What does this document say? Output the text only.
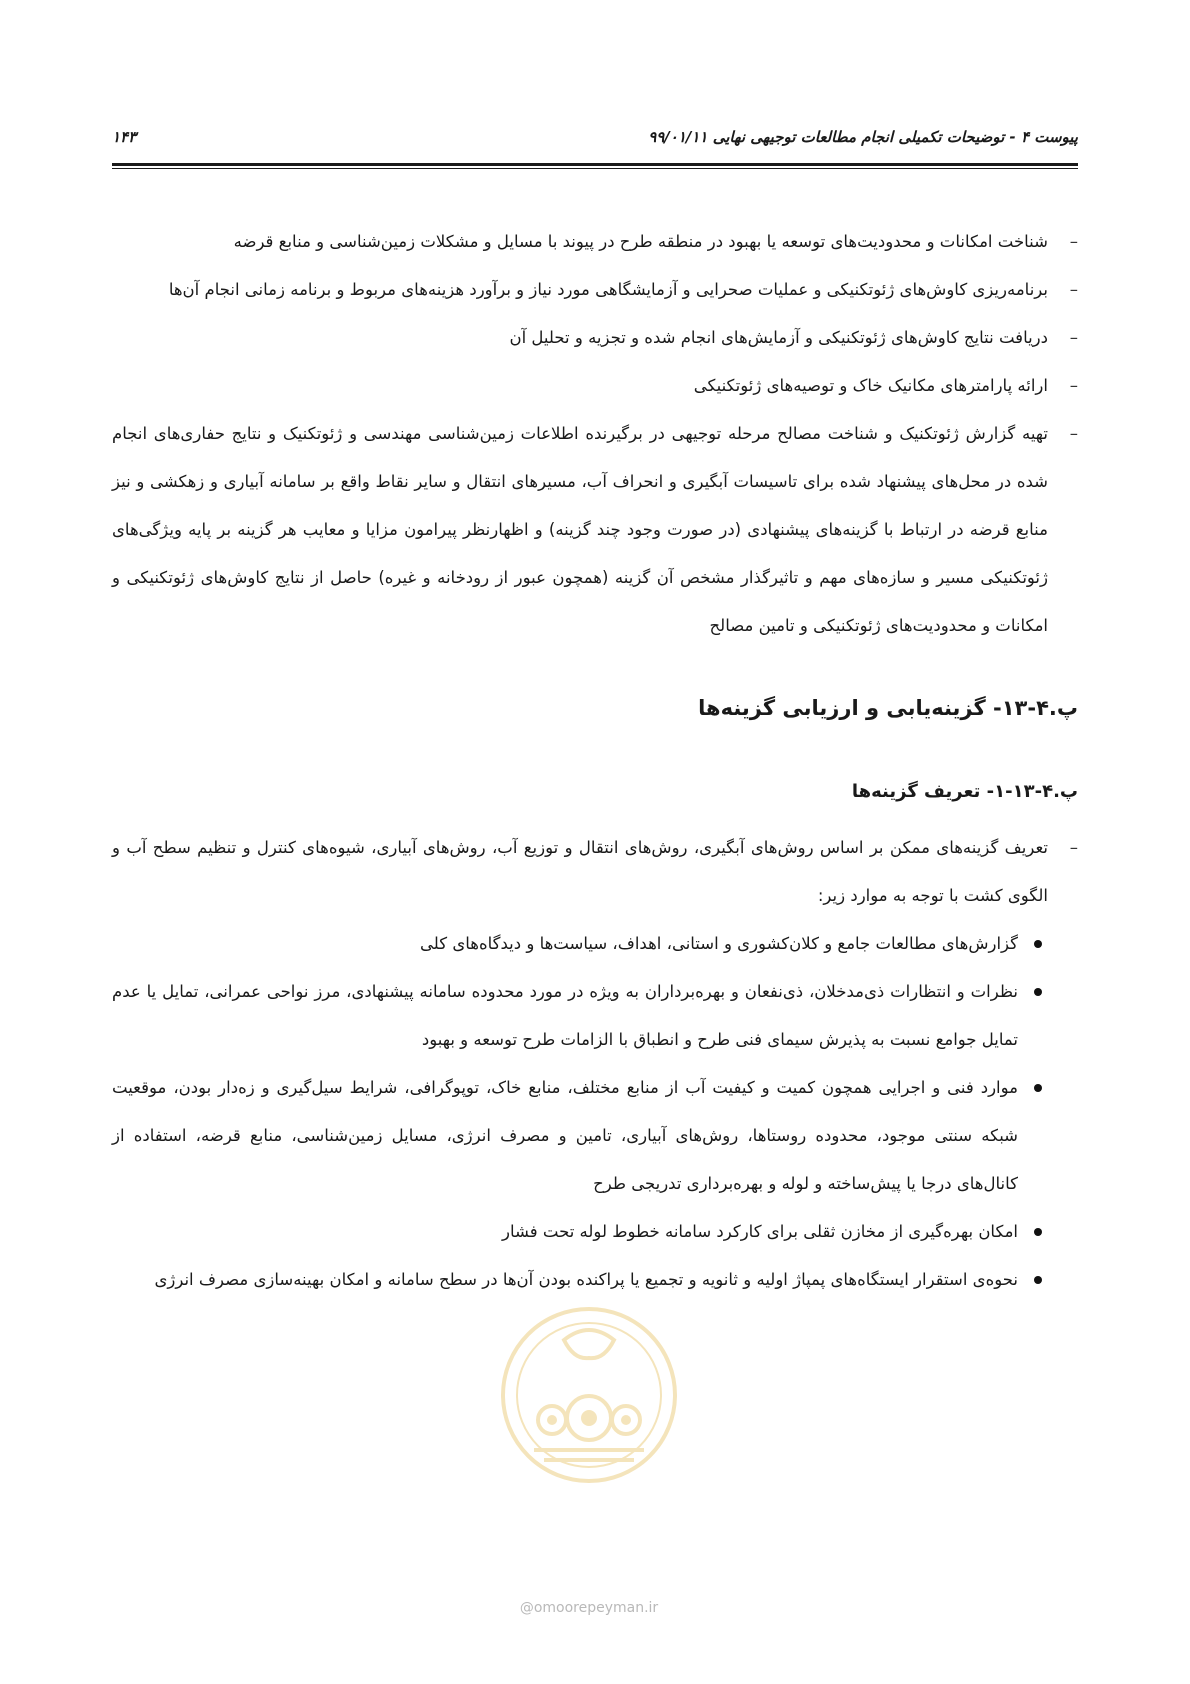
پیوست ۴ - توضیحات تکمیلی انجام مطالعات توجیهی نهایی ۹۹/۰۱/۱۱
۱۴۳
–
شناخت امکانات و محدودیت‌های توسعه یا بهبود در منطقه طرح در پیوند با مسایل و مشکلات زمین‌شناسی و منابع قرضه
–
برنامه‌ریزی کاوش‌های ژئوتکنیکی و عملیات صحرایی و آزمایشگاهی مورد نیاز و برآورد هزینه‌های مربوط و برنامه زمانی انجام آن‌ها
–
دریافت نتایج کاوش‌های ژئوتکنیکی و آزمایش‌های انجام شده و تجزیه و تحلیل آن
–
ارائه پارامترهای مکانیک خاک و توصیه‌های ژئوتکنیکی
–
تهیه گزارش ژئوتکنیک و شناخت مصالح مرحله توجیهی در برگیرنده اطلاعات زمین‌شناسی مهندسی و ژئوتکنیک و نتایج حفاری‌های انجام شده در محل‌های پیشنهاد شده برای تاسیسات آبگیری و انحراف آب، مسیرهای انتقال و سایر نقاط واقع بر سامانه آبیاری و زهکشی و نیز منابع قرضه در ارتباط با گزینه‌های پیشنهادی (در صورت وجود چند گزینه) و اظهارنظر پیرامون مزایا و معایب هر گزینه بر پایه ویژگی‌های ژئوتکنیکی مسیر و سازه‌های مهم و تاثیرگذار مشخص آن گزینه (همچون عبور از رودخانه و غیره) حاصل از نتایج کاوش‌های ژئوتکنیکی و امکانات و محدودیت‌های ژئوتکنیکی و تامین مصالح
پ.۴-۱۳- گزینه‌یابی و ارزیابی گزینه‌ها
پ.۴-۱۳-۱- تعریف گزینه‌ها
–
تعریف گزینه‌های ممکن بر اساس روش‌های آبگیری، روش‌های انتقال و توزیع آب، روش‌های آبیاری، شیوه‌های کنترل و تنظیم سطح آب و الگوی کشت با توجه به موارد زیر:
گزارش‌های مطالعات جامع و کلان‌کشوری و استانی، اهداف، سیاست‌ها و دیدگاه‌های کلی
نظرات و انتظارات ذی‌مدخلان، ذی‌نفعان و بهره‌برداران به ویژه در مورد محدوده سامانه پیشنهادی، مرز نواحی عمرانی، تمایل یا عدم تمایل جوامع نسبت به پذیرش سیمای فنی طرح و انطباق با الزامات طرح توسعه و بهبود
موارد فنی و اجرایی همچون کمیت و کیفیت آب از منابع مختلف، منابع خاک، توپوگرافی، شرایط سیل‌گیری و زه‌دار بودن، موقعیت شبکه سنتی موجود، محدوده روستاها، روش‌های آبیاری، تامین و مصرف انرژی، مسایل زمین‌شناسی، منابع قرضه، استفاده از کانال‌های درجا یا پیش‌ساخته و لوله و بهره‌برداری تدریجی طرح
امکان بهره‌گیری از مخازن ثقلی برای کارکرد سامانه خطوط لوله تحت فشار
نحوه‌ی استقرار ایستگاه‌های پمپاژ اولیه و ثانویه و تجمیع یا پراکنده بودن آن‌ها در سطح سامانه و امکان بهینه‌سازی مصرف انرژی
@omoorepeyman.ir
